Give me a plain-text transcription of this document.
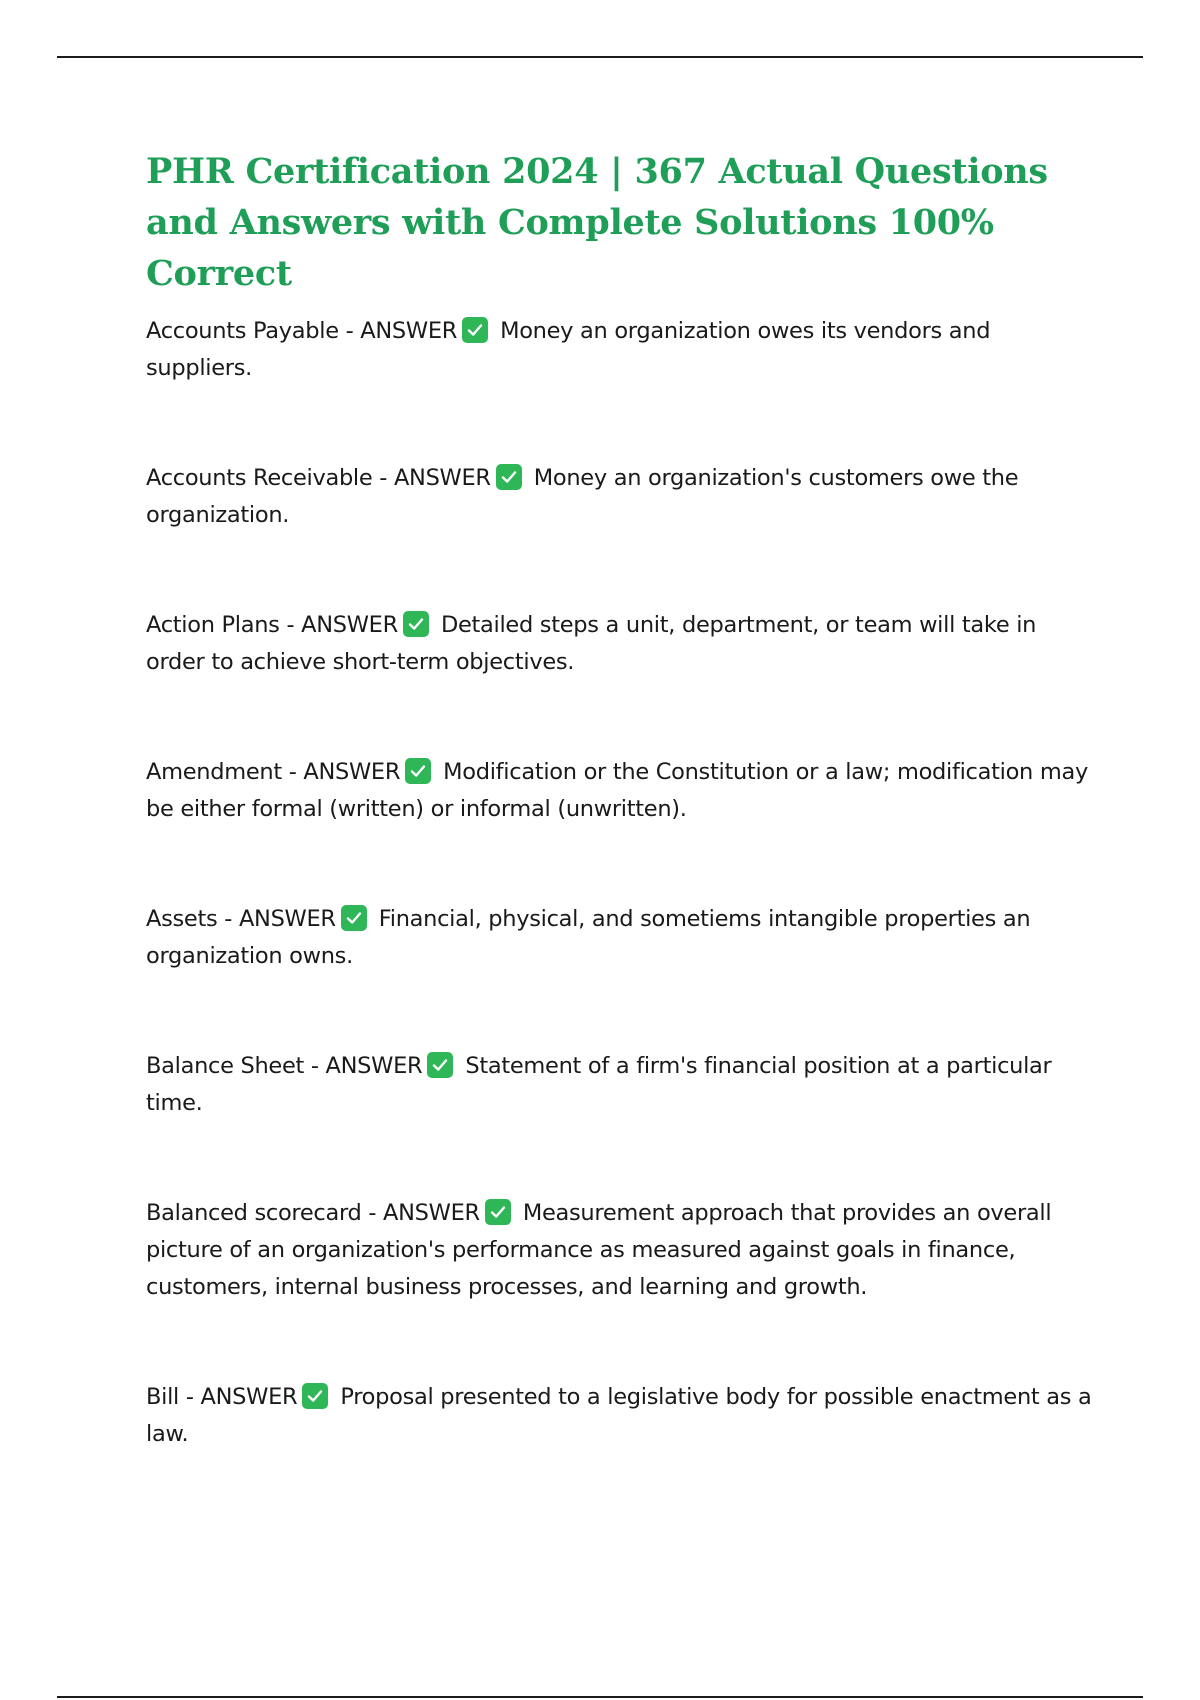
PHR Certification 2024 | 367 Actual Questions and Answers with Complete Solutions 100% Correct

Accounts Payable - ANSWER Money an organization owes its vendors and suppliers.

Accounts Receivable - ANSWER Money an organization's customers owe the organization.

Action Plans - ANSWER Detailed steps a unit, department, or team will take in order to achieve short-term objectives.

Amendment - ANSWER Modification or the Constitution or a law; modification may be either formal (written) or informal (unwritten).

Assets - ANSWER Financial, physical, and sometiems intangible properties an organization owns.

Balance Sheet - ANSWER Statement of a firm's financial position at a particular time.

Balanced scorecard - ANSWER Measurement approach that provides an overall picture of an organization's performance as measured against goals in finance, customers, internal business processes, and learning and growth.

Bill - ANSWER Proposal presented to a legislative body for possible enactment as a law.
